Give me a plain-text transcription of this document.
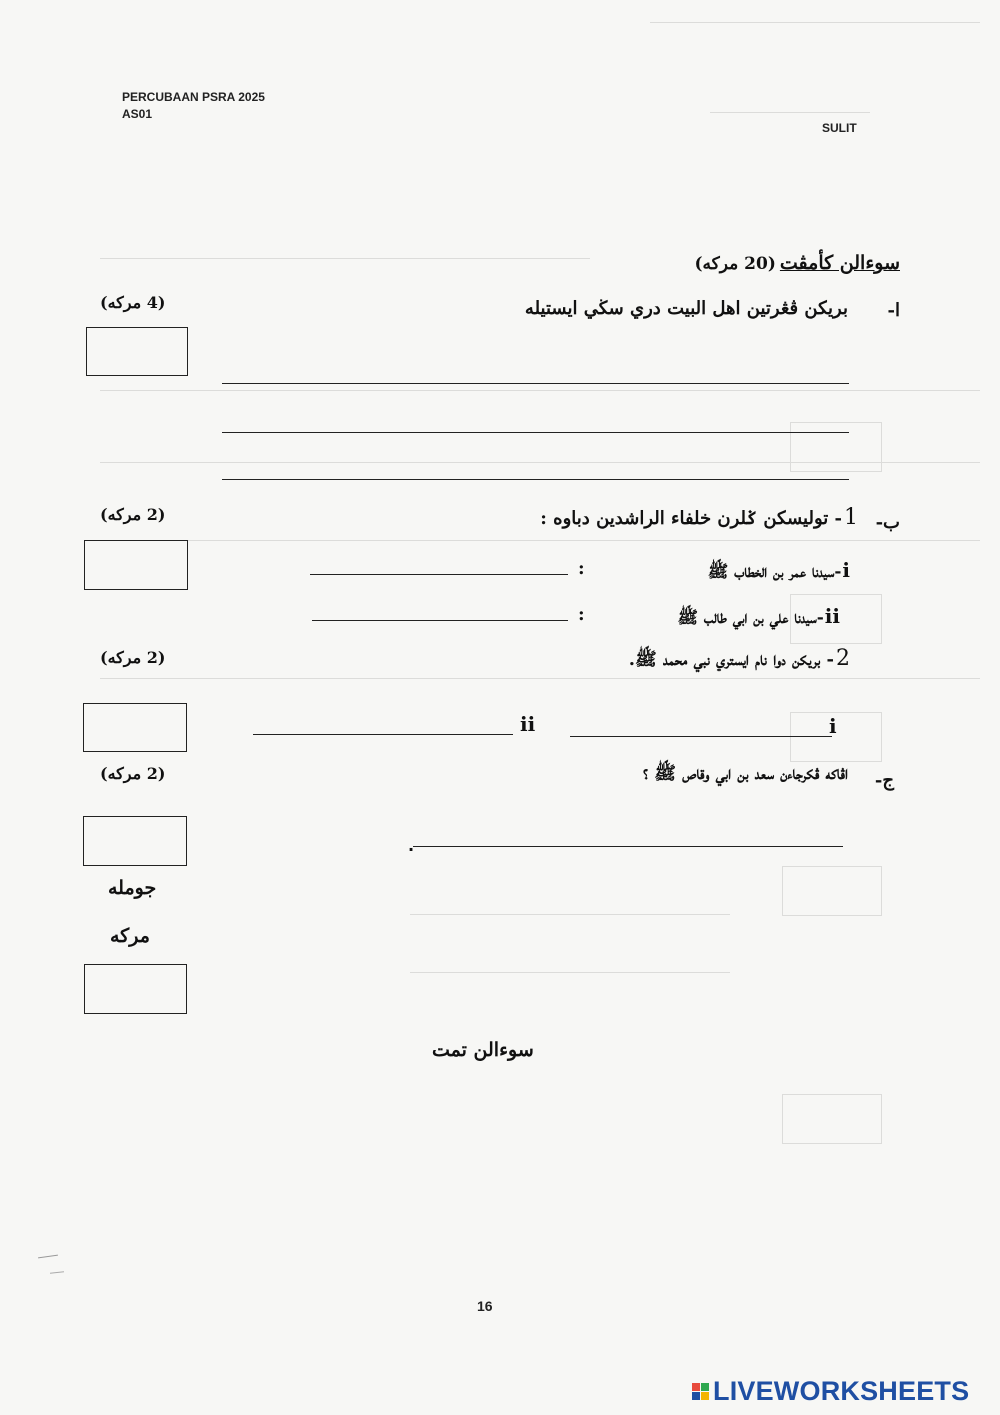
PERCUBAAN PSRA 2025
AS01
SULIT
سوءالن كأمڤت
(20 مركه)
ا-
بريكن ڤڠرتين اهل البيت دري سڬي ايستيله
(4 مركه)
ب-
1
- توليسكن ݢلرن خلفاء الراشدين دباوه :
(2 مركه)
i
-سيدنا عمر بن الخطاب ﷺ
:
ii
-سيدنا علي بن ابي طالب ﷺ
:
2
- بريكن دوا نام ايستري نبي محمد ﷺ.
(2 مركه)
i
ii
ج-
اڤاكه ڤكرجاءن سعد بن ابي وقاص ﷺ ؟
(2 مركه)
.
جومله
مركه
سوءالن تمت
16
LIVEWORKSHEETS
